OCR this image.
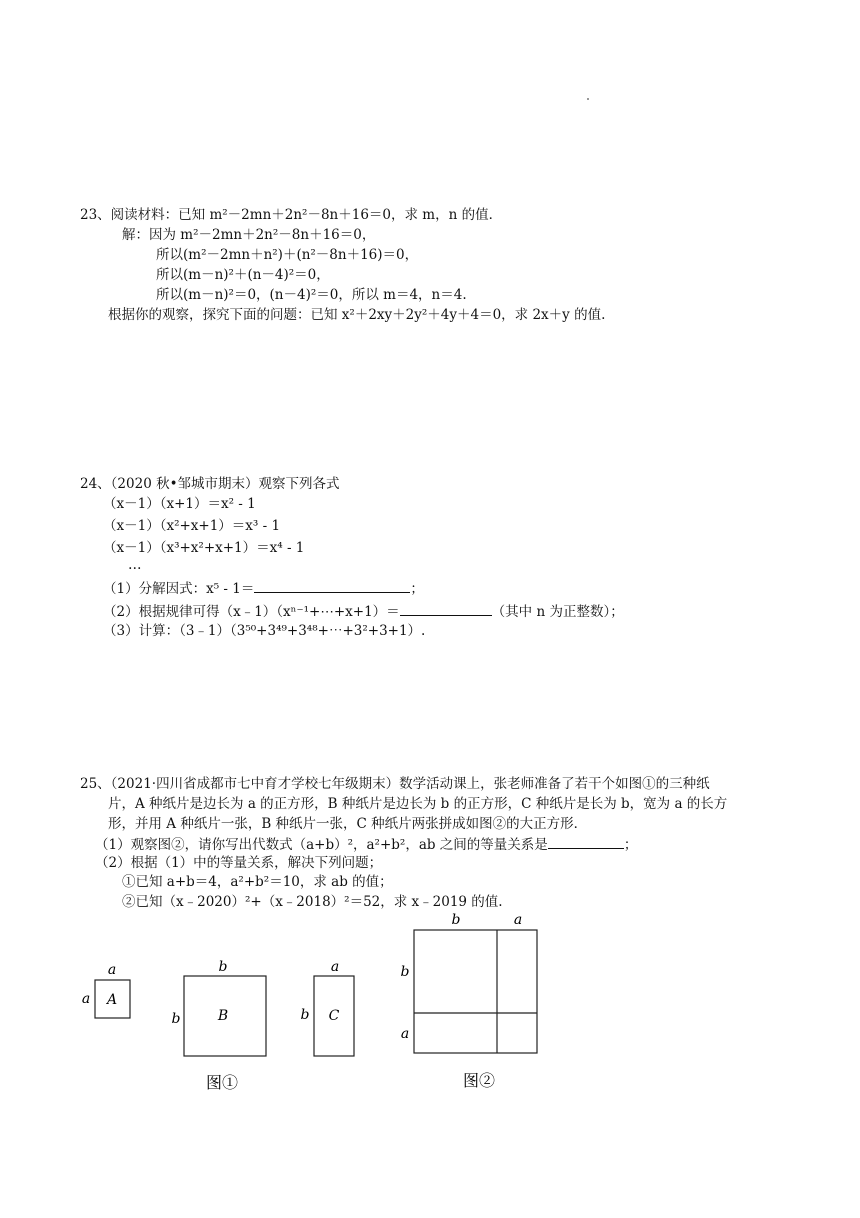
23、阅读材料：已知 m²－2mn＋2n²－8n＋16＝0，求 m，n 的值．
解：因为 m²－2mn＋2n²－8n＋16＝0，
所以(m²－2mn＋n²)＋(n²－8n＋16)＝0，
所以(m－n)²＋(n－4)²＝0，
所以(m－n)²＝0，(n－4)²＝0，所以 m＝4，n＝4.
根据你的观察，探究下面的问题：已知 x²＋2xy＋2y²＋4y＋4＝0，求 2x＋y 的值.
24、（2020 秋•邹城市期末）观察下列各式
（x－1）（x+1）＝x² - 1
（x－1）（x²+x+1）＝x³ - 1
（x－1）（x³+x²+x+1）＝x⁴ - 1
…
（1）分解因式：x⁵ - 1＝	；
（2）根据规律可得（x﹣1）（xⁿ⁻¹+⋯+x+1）＝	（其中 n 为正整数）；
（3）计算：（3﹣1）（3⁵⁰+3⁴⁹+3⁴⁸+⋯+3²+3+1）.
25、（2021·四川省成都市七中育才学校七年级期末）数学活动课上，张老师准备了若干个如图①的三种纸
片，A 种纸片是边长为 a 的正方形，B 种纸片是边长为 b 的正方形，C 种纸片是长为 b，宽为 a 的长方
形，并用 A 种纸片一张，B 种纸片一张，C 种纸片两张拼成如图②的大正方形．
（1）观察图②，请你写出代数式（a+b）²，a²+b²，ab 之间的等量关系是	；
（2）根据（1）中的等量关系，解决下列问题；
①已知 a+b＝4，a²+b²＝10，求 ab 的值；
②已知（x﹣2020）²+（x﹣2018）²＝52，求 x﹣2019 的值.
a
a A
b
b	B
a
b C
图①
b	a
b
a
图②
